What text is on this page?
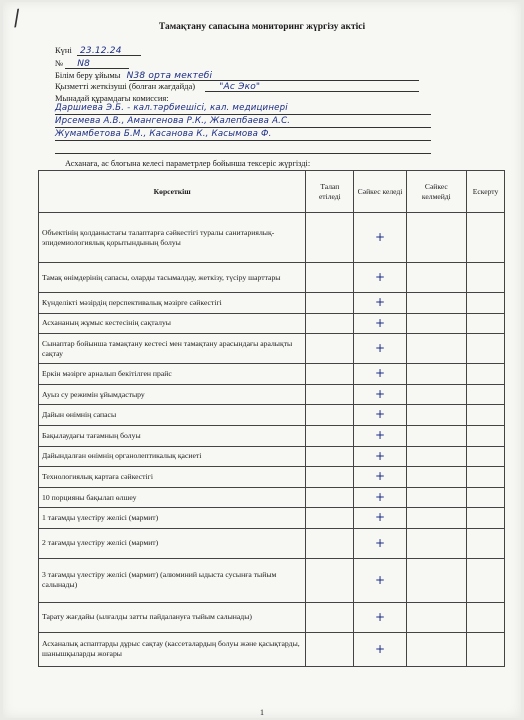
/	Тамақтану сапасына мониторинг жүргізу актісі
Күні 23.12.24
№ N8
Білім беру ұйымы N38 орта мектебі
Қызметті жеткізуші (болған жағдайда)	"Ас Эко"
Мынадай құрамдағы комиссия:
Даршиева Э.Б. - кал.тәрбиешісі, кал. медицинері
Ирсемева А.В., Амангенова Р.К., Жалепбаева А.С.
Жумамбетова Б.М., Касанова К., Касымова Ф.
Асханаға, ас блогына келесі параметрлер бойынша тексеріс жүргізді:
Көрсеткіш	Талап етіледі	Сәйкес келеді	Сәйкес келмейді	Ескерту
Объектінің қолданыстағы талаптарға сәйкестігі туралы санитариялық-эпидемиологиялық қорытындының болуы		+		
Тамақ өнімдерінің сапасы, оларды тасымалдау, жеткізу, түсіру шарттары		+		
Күнделікті мәзірдің перспективалық мәзірге сәйкестігі		+		
Асхананың жұмыс кестесінің сақталуы		+		
Сынаптар бойынша тамақтану кестесі мен тамақтану арасындағы аралықты сақтау		+		
Еркін мәзірге арналып бекітілген прайс		+		
Ауыз су режимін ұйымдастыру		+		
Дайын өнімнің сапасы		+		
Бақылаудағы тағамның болуы		+		
Дайындалған өнімнің органолептикалық қасиеті		+		
Технологиялық картаға сәйкестігі		+		
10 порцияны бақылап өлшеу		+		
1 тағамды үлестіру желісі (мармит)		+		
2 тағамды үлестіру желісі (мармит)		+		
3 тағамды үлестіру желісі (мармит) (алюминий ыдыста сусынға тыйым салынады)		+		
Тарату жағдайы (ылғалды затты пайдалануға тыйым салынады)		+		
Асханалық аспаптарды дұрыс сақтау (кассеталардың болуы және қасықтарды, шанышқыларды жоғары		+		
1
